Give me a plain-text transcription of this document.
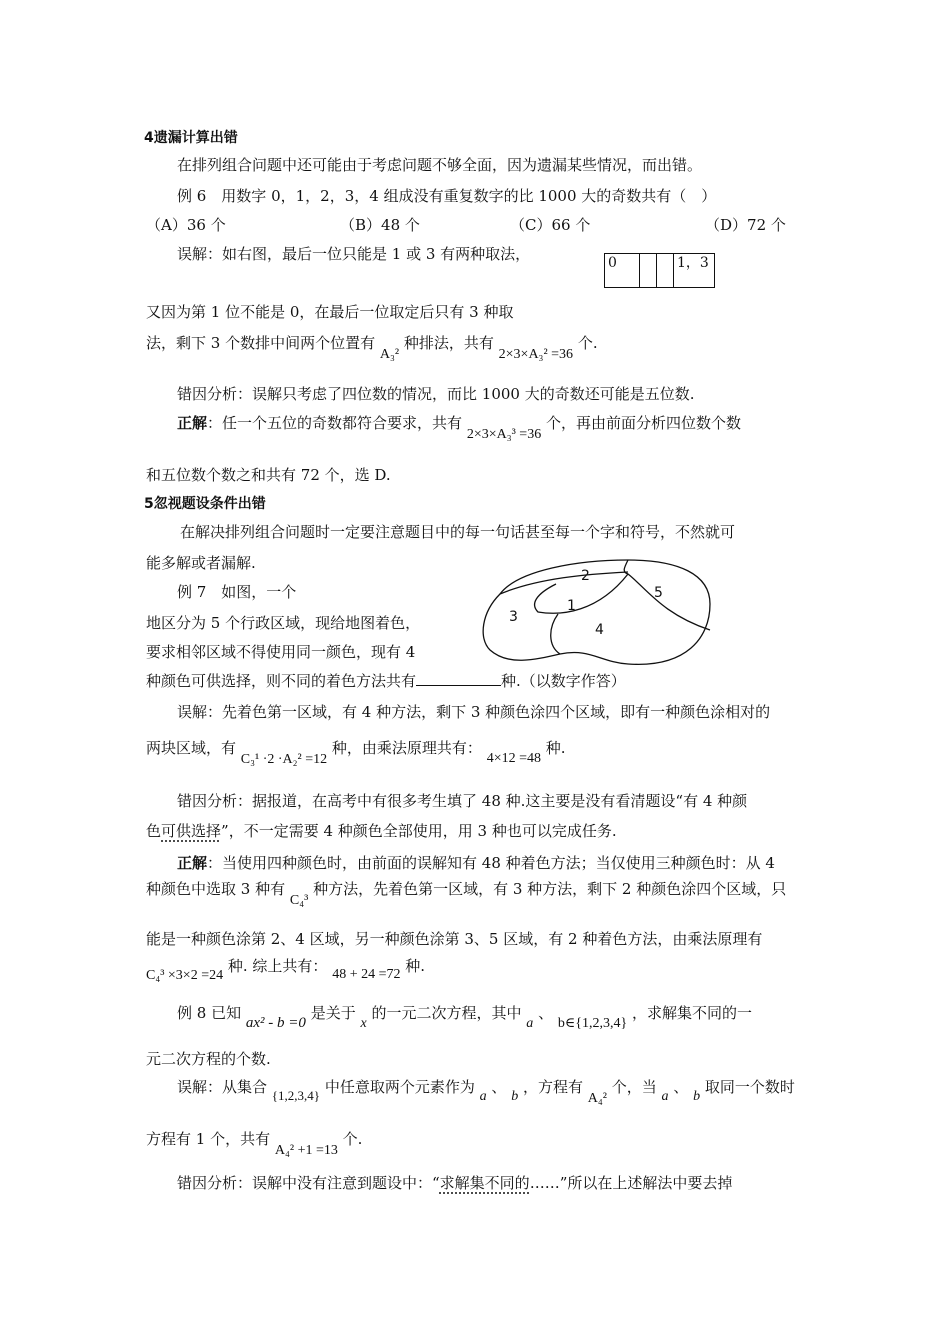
4遗漏计算出错
在排列组合问题中还可能由于考虑问题不够全面，因为遗漏某些情况，而出错。
例 6　用数字 0，1，2，3，4 组成没有重复数字的比 1000 大的奇数共有（　）
（A）36 个	（B）48 个	（C）66 个	（D）72 个
误解：如右图，最后一位只能是 1 或 3 有两种取法，	0			1，3
又因为第 1 位不能是 0，在最后一位取定后只有 3 种取
法，剩下 3 个数排中间两个位置有 A₃² 种排法，共有 2×3×A₃² =36 个.
错因分析：误解只考虑了四位数的情况，而比 1000 大的奇数还可能是五位数.
正解：任一个五位的奇数都符合要求，共有 2×3×A₃³ =36 个，再由前面分析四位数个数
和五位数个数之和共有 72 个，选 D.
5忽视题设条件出错
在解决排列组合问题时一定要注意题目中的每一句话甚至每一个字和符号，不然就可
能多解或者漏解.
例 7　如图，一个
地区分为 5 个行政区域，现给地图着色，
要求相邻区域不得使用同一颜色，现有 4
种颜色可供选择，则不同的着色方法共有	种.（以数字作答）
2
5
1
3
4
误解：先着色第一区域，有 4 种方法，剩下 3 种颜色涂四个区域，即有一种颜色涂相对的
两块区域，有 C₃¹ ·2 ·A₂² =12 种，由乘法原理共有： 4×12 =48 种.
错因分析：据报道，在高考中有很多考生填了 48 种.这主要是没有看清题设“有 4 种颜
色可供选择”，不一定需要 4 种颜色全部使用，用 3 种也可以完成任务.
正解：当使用四种颜色时，由前面的误解知有 48 种着色方法；当仅使用三种颜色时：从 4
种颜色中选取 3 种有 C₄³ 种方法，先着色第一区域，有 3 种方法，剩下 2 种颜色涂四个区域，只
能是一种颜色涂第 2、4 区域，另一种颜色涂第 3、5 区域，有 2 种着色方法，由乘法原理有
C₄³ ×3×2 =24 种. 综上共有： 48 + 24 =72 种.
例 8 已知 ax² - b =0 是关于 x 的一元二次方程，其中 a 、 b∈{1,2,3,4} ，求解集不同的一
元二次方程的个数.
误解：从集合 {1,2,3,4} 中任意取两个元素作为 a 、 b ，方程有 A₄² 个，当 a 、 b 取同一个数时
方程有 1 个，共有 A₄² +1 =13 个.
错因分析：误解中没有注意到题设中：“求解集不同的……”所以在上述解法中要去掉
